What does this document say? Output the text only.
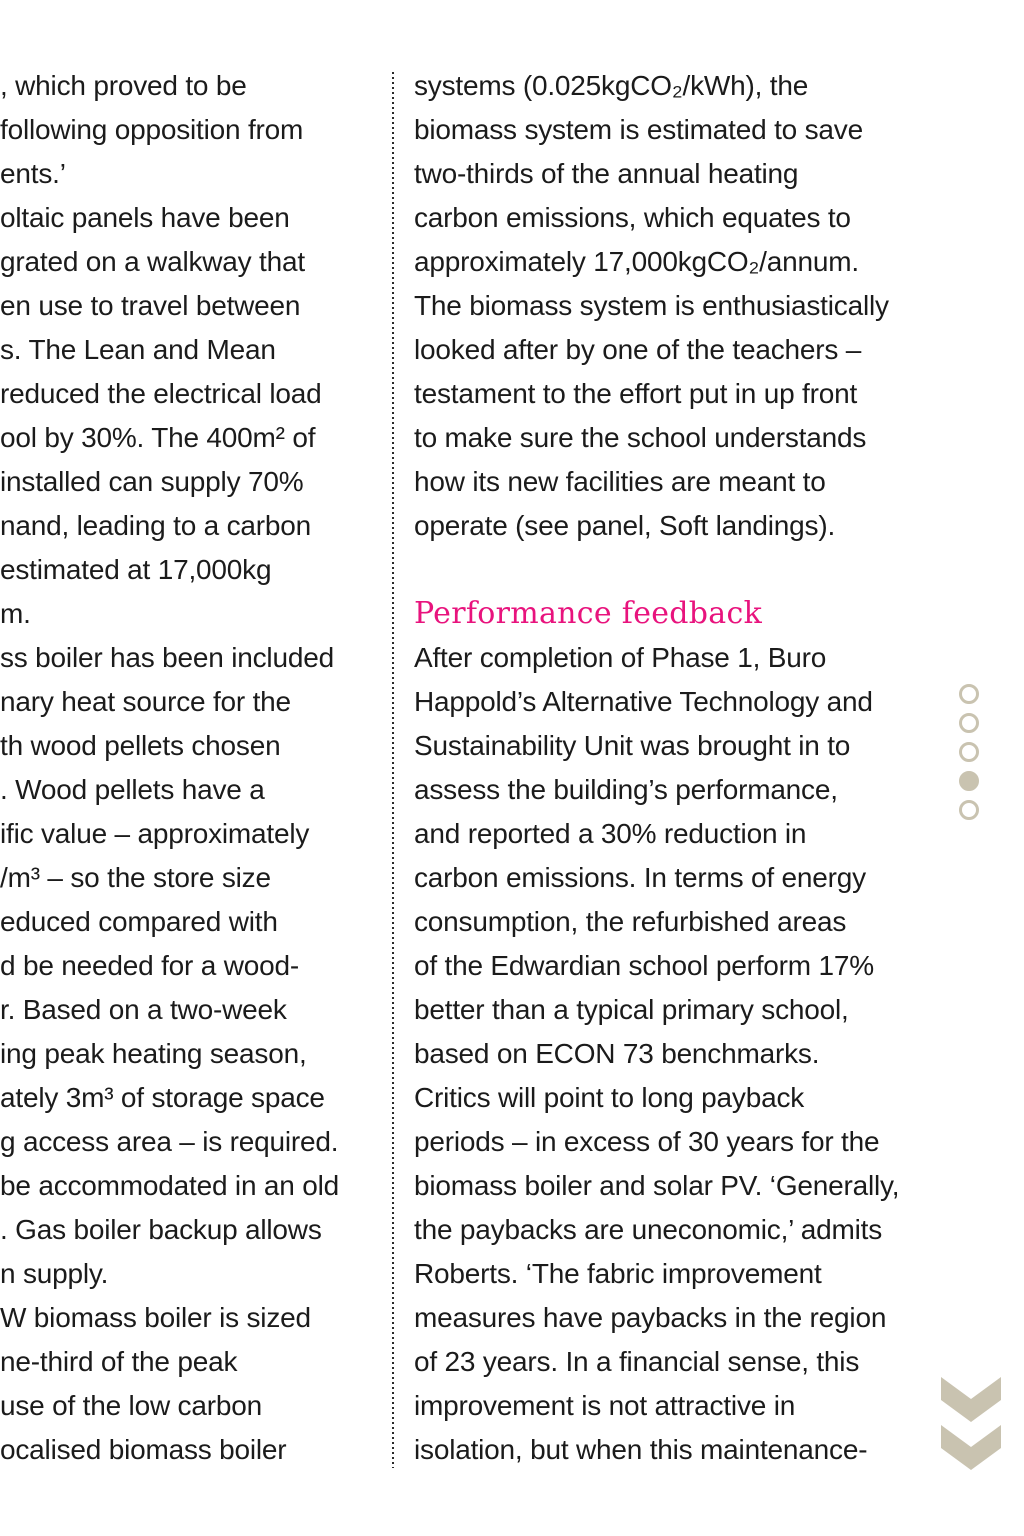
, which proved to be
following opposition from
ents.’
oltaic panels have been
grated on a walkway that
en use to travel between
s. The Lean and Mean
reduced the electrical load
ool by 30%. The 400m² of
installed can supply 70%
nand, leading to a carbon
estimated at 17,000kg
m.
ss boiler has been included
nary heat source for the
th wood pellets chosen
. Wood pellets have a
ific value – approximately
/m³ – so the store size
educed compared with
d be needed for a wood-
r. Based on a two-week
ing peak heating season,
ately 3m³ of storage space
g access area – is required.
be accommodated in an old
. Gas boiler backup allows
n supply.
W biomass boiler is sized
ne-third of the peak
use of the low carbon
ocalised biomass boiler
systems (0.025kgCO₂/kWh), the
biomass system is estimated to save
two-thirds of the annual heating
carbon emissions, which equates to
approximately 17,000kgCO₂/annum.
The biomass system is enthusiastically
looked after by one of the teachers –
testament to the effort put in up front
to make sure the school understands
how its new facilities are meant to
operate (see panel, Soft landings).
Performance feedback
After completion of Phase 1, Buro
Happold’s Alternative Technology and
Sustainability Unit was brought in to
assess the building’s performance,
and reported a 30% reduction in
carbon emissions. In terms of energy
consumption, the refurbished areas
of the Edwardian school perform 17%
better than a typical primary school,
based on ECON 73 benchmarks.
Critics will point to long payback
periods – in excess of 30 years for the
biomass boiler and solar PV. ‘Generally,
the paybacks are uneconomic,’ admits
Roberts. ‘The fabric improvement
measures have paybacks in the region
of 23 years. In a financial sense, this
improvement is not attractive in
isolation, but when this maintenance-
